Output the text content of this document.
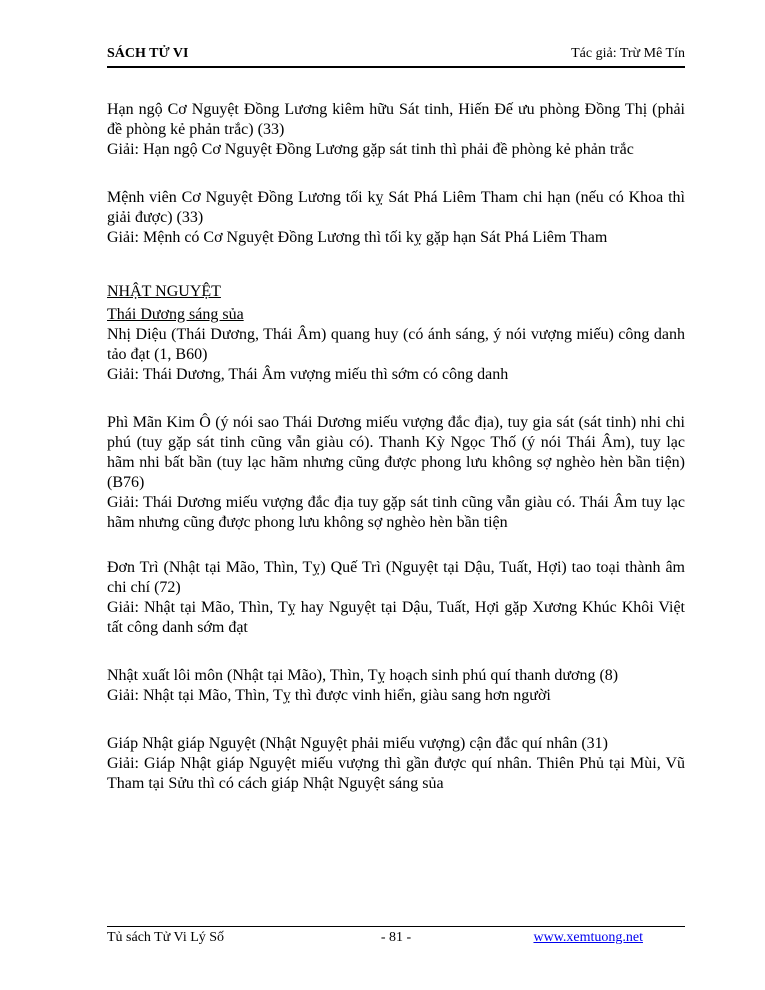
SÁCH TỬ VI	Tác giả: Trừ Mê Tín

Hạn ngộ Cơ Nguyệt Đồng Lương kiêm hữu Sát tinh, Hiến Đế ưu phòng Đồng Thị (phải đề phòng kẻ phản trắc) (33)

Giải: Hạn ngộ Cơ Nguyệt Đồng Lương gặp sát tinh thì phải đề phòng kẻ phản trắc

Mệnh viên Cơ Nguyệt Đồng Lương tối kỵ Sát Phá Liêm Tham chi hạn (nếu có Khoa thì giải được) (33)

Giải: Mệnh có Cơ Nguyệt Đồng Lương thì tối kỵ gặp hạn Sát Phá Liêm Tham

NHẬT NGUYỆT

Thái Dương sáng sủa

Nhị Diệu (Thái Dương, Thái Âm) quang huy (có ánh sáng, ý nói vượng miếu) công danh tảo đạt (1, B60)

Giải: Thái Dương, Thái Âm vượng miếu thì sớm có công danh

Phì Mãn Kim Ô (ý nói sao Thái Dương miếu vượng đắc địa), tuy gia sát (sát tinh) nhi chi phú (tuy gặp sát tinh cũng vẫn giàu có). Thanh Kỳ Ngọc Thố (ý nói Thái Âm), tuy lạc hãm nhi bất bần (tuy lạc hãm nhưng cũng được phong lưu không sợ nghèo hèn bần tiện) (B76)

Giải: Thái Dương miếu vượng đắc địa tuy gặp sát tinh cũng vẫn giàu có. Thái Âm tuy lạc hãm nhưng cũng được phong lưu không sợ nghèo hèn bần tiện

Đơn Trì (Nhật tại Mão, Thìn, Tỵ) Quế Trì (Nguyệt tại Dậu, Tuất, Hợi) tao toại thành âm chi chí (72)

Giải: Nhật tại Mão, Thìn, Tỵ hay Nguyệt tại Dậu, Tuất, Hợi gặp Xương Khúc Khôi Việt tất công danh sớm đạt

Nhật xuất lôi môn (Nhật tại Mão), Thìn, Tỵ hoạch sinh phú quí thanh dương (8)

Giải: Nhật tại Mão, Thìn, Tỵ thì được vinh hiển, giàu sang hơn người

Giáp Nhật giáp Nguyệt (Nhật Nguyệt phải miếu vượng) cận đắc quí nhân (31)

Giải: Giáp Nhật giáp Nguyệt miếu vượng thì gần được quí nhân. Thiên Phủ tại Mùi, Vũ Tham tại Sửu thì có cách giáp Nhật Nguyệt sáng sủa

Tủ sách Tử Vi Lý Số	- 81 -	www.xemtuong.net
